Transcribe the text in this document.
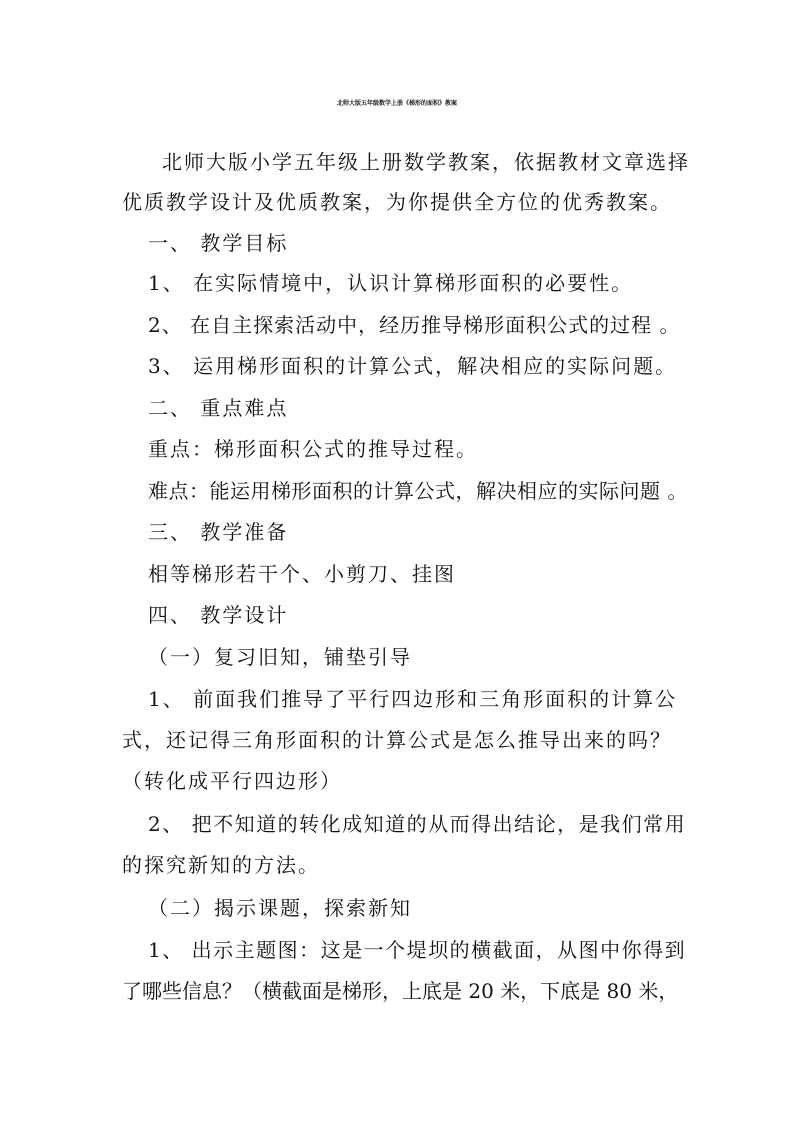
北师大版五年级数学上册《梯形的面积》教案
北师大版小学五年级上册数学教案，依据教材文章选择
优质教学设计及优质教案，为你提供全方位的优秀教案。
一、 教学目标
1、 在实际情境中，认识计算梯形面积的必要性。
2、 在自主探索活动中，经历推导梯形面积公式的过程 。
3、 运用梯形面积的计算公式，解决相应的实际问题。
二、 重点难点
重点：梯形面积公式的推导过程。
难点：能运用梯形面积的计算公式，解决相应的实际问题 。
三、 教学准备
相等梯形若干个、小剪刀、挂图
四、 教学设计
（一）复习旧知，铺垫引导
1、 前面我们推导了平行四边形和三角形面积的计算公
式，还记得三角形面积的计算公式是怎么推导出来的吗？
（转化成平行四边形）
2、 把不知道的转化成知道的从而得出结论，是我们常用
的探究新知的方法。
（二）揭示课题，探索新知
1、 出示主题图：这是一个堤坝的横截面，从图中你得到
了哪些信息？（横截面是梯形，上底是 20 米，下底是 80 米，
